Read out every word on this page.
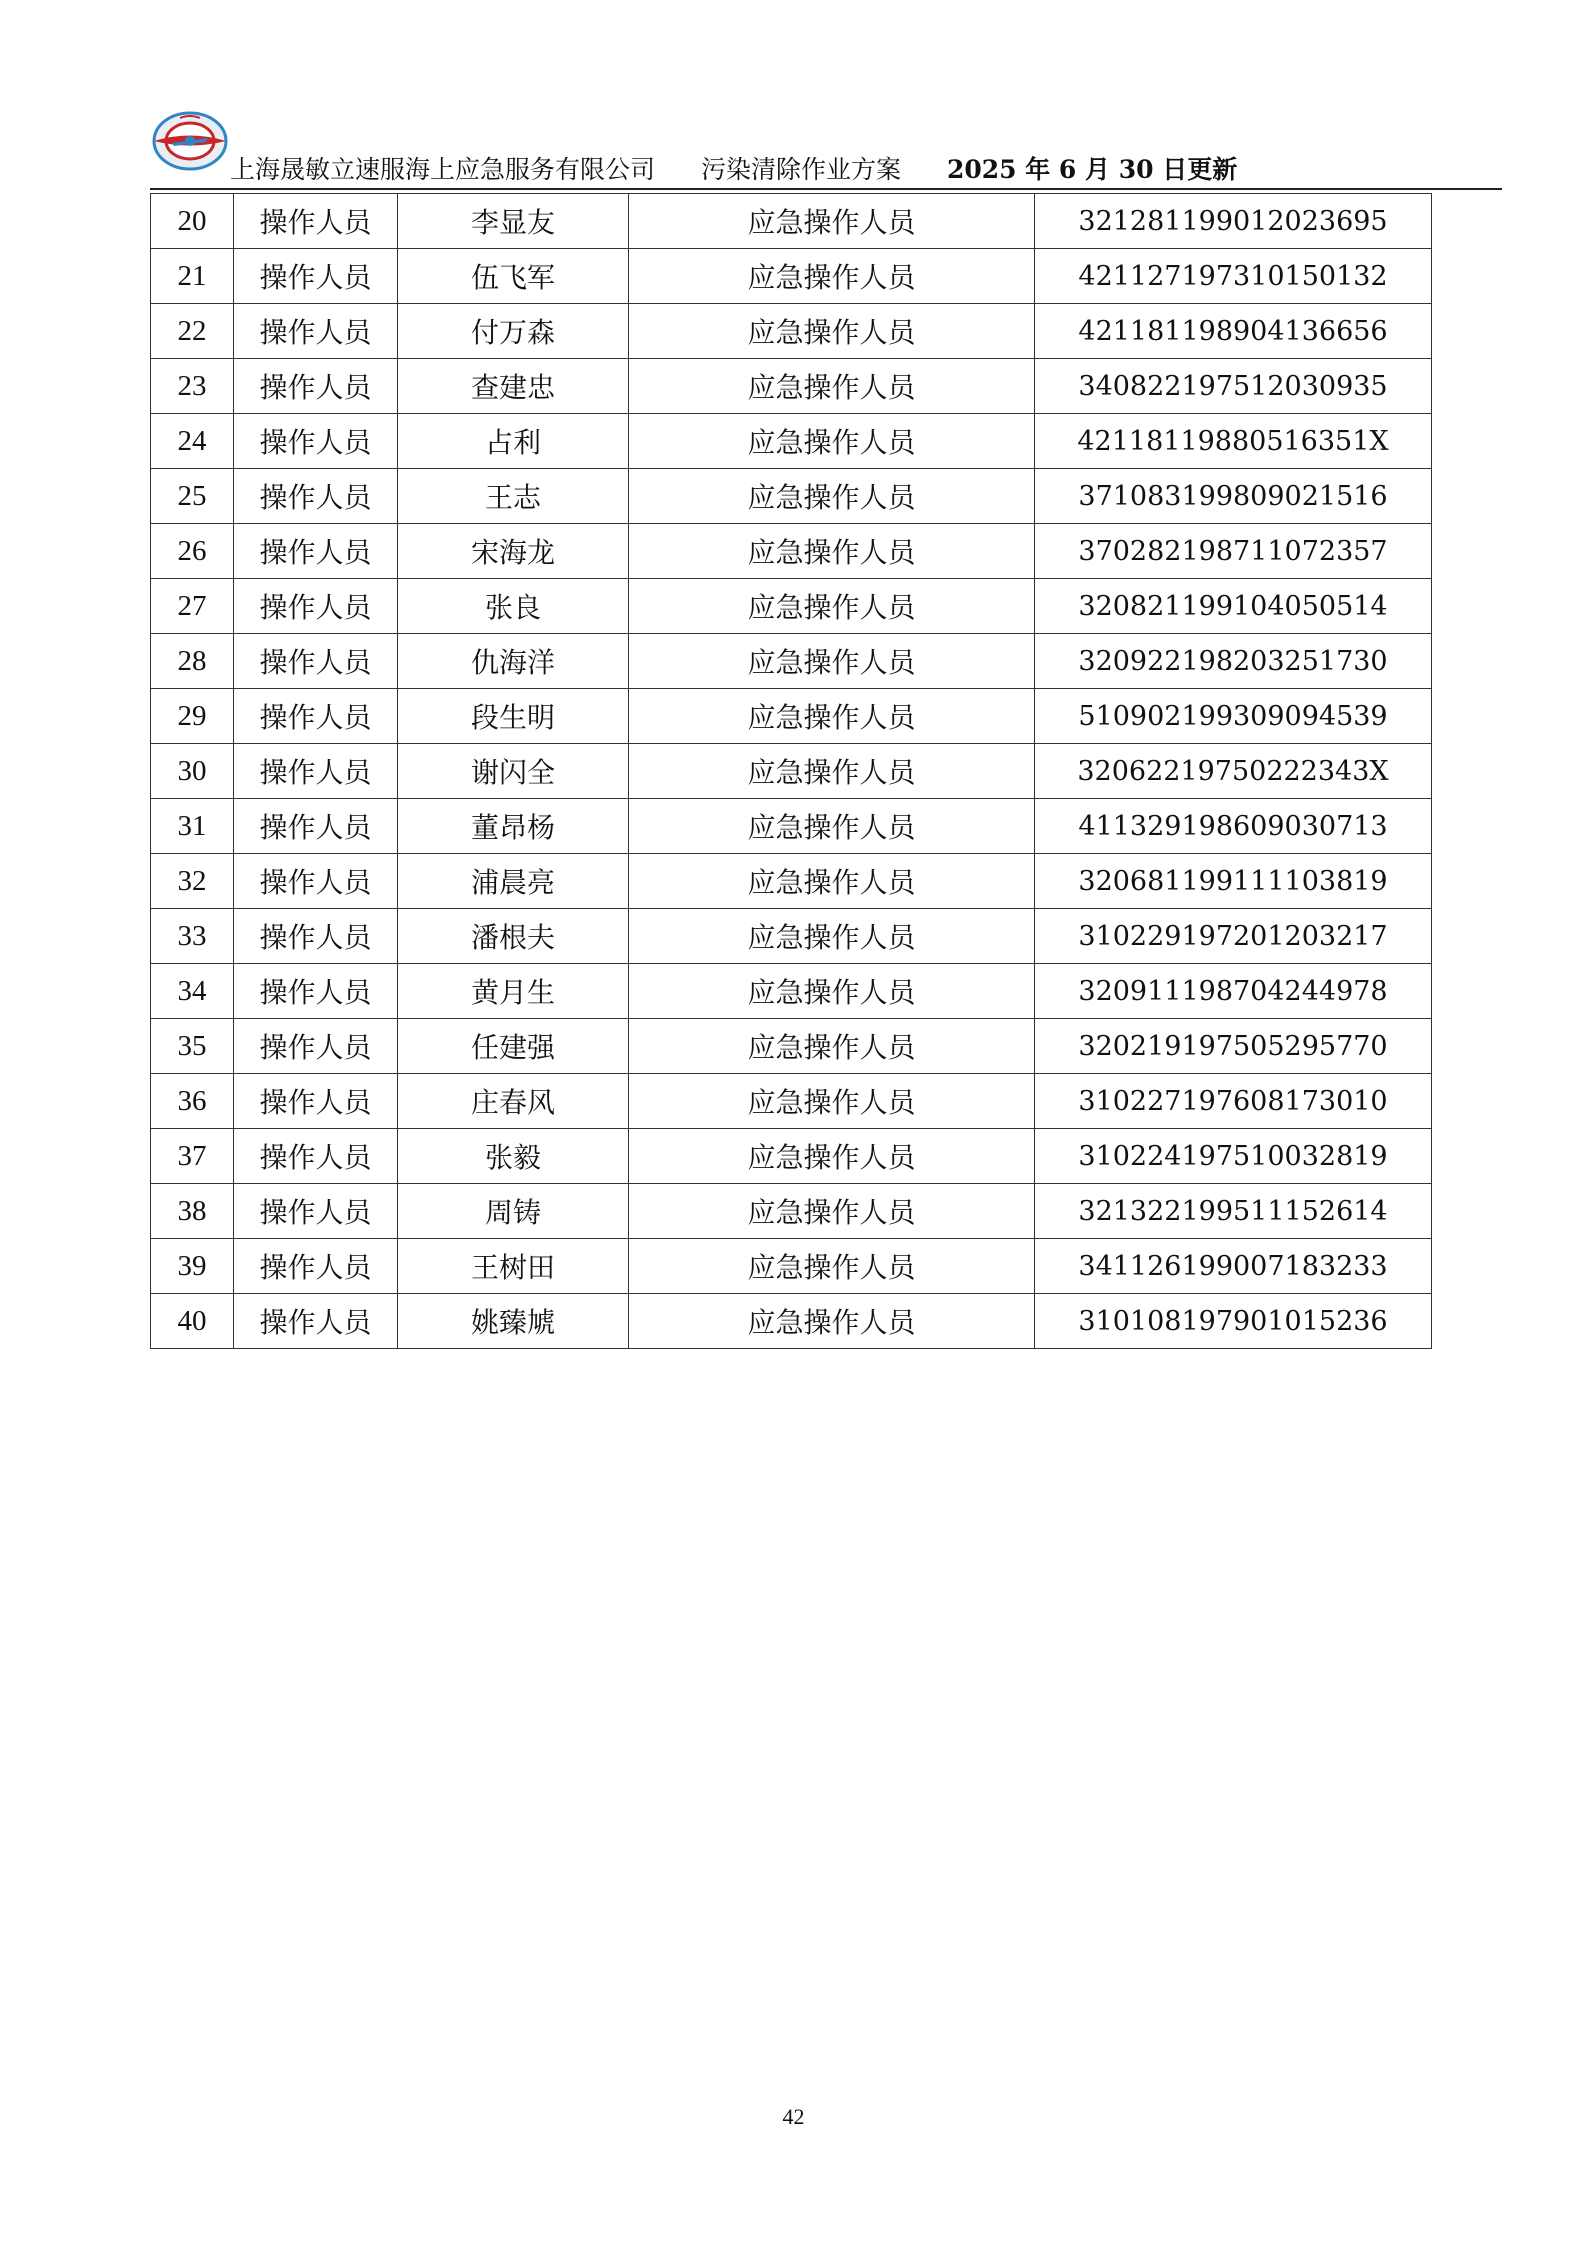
上海晟敏立速服海上应急服务有限公司 污染清除作业方案 2025 年 6 月 30 日更新
20	操作人员	李显友	应急操作人员	321281199012023695
21	操作人员	伍飞军	应急操作人员	421127197310150132
22	操作人员	付万森	应急操作人员	421181198904136656
23	操作人员	查建忠	应急操作人员	340822197512030935
24	操作人员	占利	应急操作人员	42118119880516351X
25	操作人员	王志	应急操作人员	371083199809021516
26	操作人员	宋海龙	应急操作人员	370282198711072357
27	操作人员	张良	应急操作人员	320821199104050514
28	操作人员	仇海洋	应急操作人员	320922198203251730
29	操作人员	段生明	应急操作人员	510902199309094539
30	操作人员	谢闪全	应急操作人员	32062219750222343X
31	操作人员	董昂杨	应急操作人员	411329198609030713
32	操作人员	浦晨亮	应急操作人员	320681199111103819
33	操作人员	潘根夫	应急操作人员	310229197201203217
34	操作人员	黄月生	应急操作人员	320911198704244978
35	操作人员	任建强	应急操作人员	320219197505295770
36	操作人员	庄春风	应急操作人员	310227197608173010
37	操作人员	张毅	应急操作人员	310224197510032819
38	操作人员	周铸	应急操作人员	321322199511152614
39	操作人员	王树田	应急操作人员	341126199007183233
40	操作人员	姚臻虓	应急操作人员	310108197901015236
42
